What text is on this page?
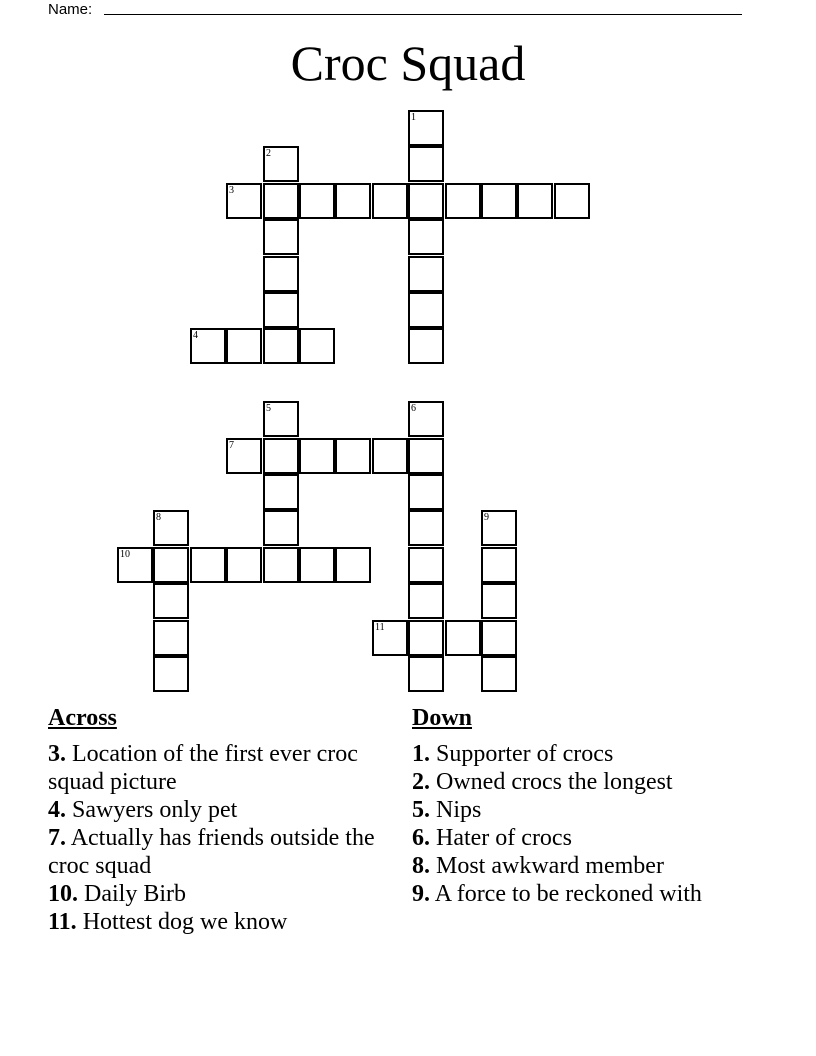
Name:
Croc Squad
1
2
3
4
5	6
7
8	9
10
11
Across

3. Location of the first ever croc squad picture

4. Sawyers only pet

7. Actually has friends outside the croc squad

10. Daily Birb

11. Hottest dog we know

Down

1. Supporter of crocs

2. Owned crocs the longest

5. Nips

6. Hater of crocs

8. Most awkward member

9. A force to be reckoned with
